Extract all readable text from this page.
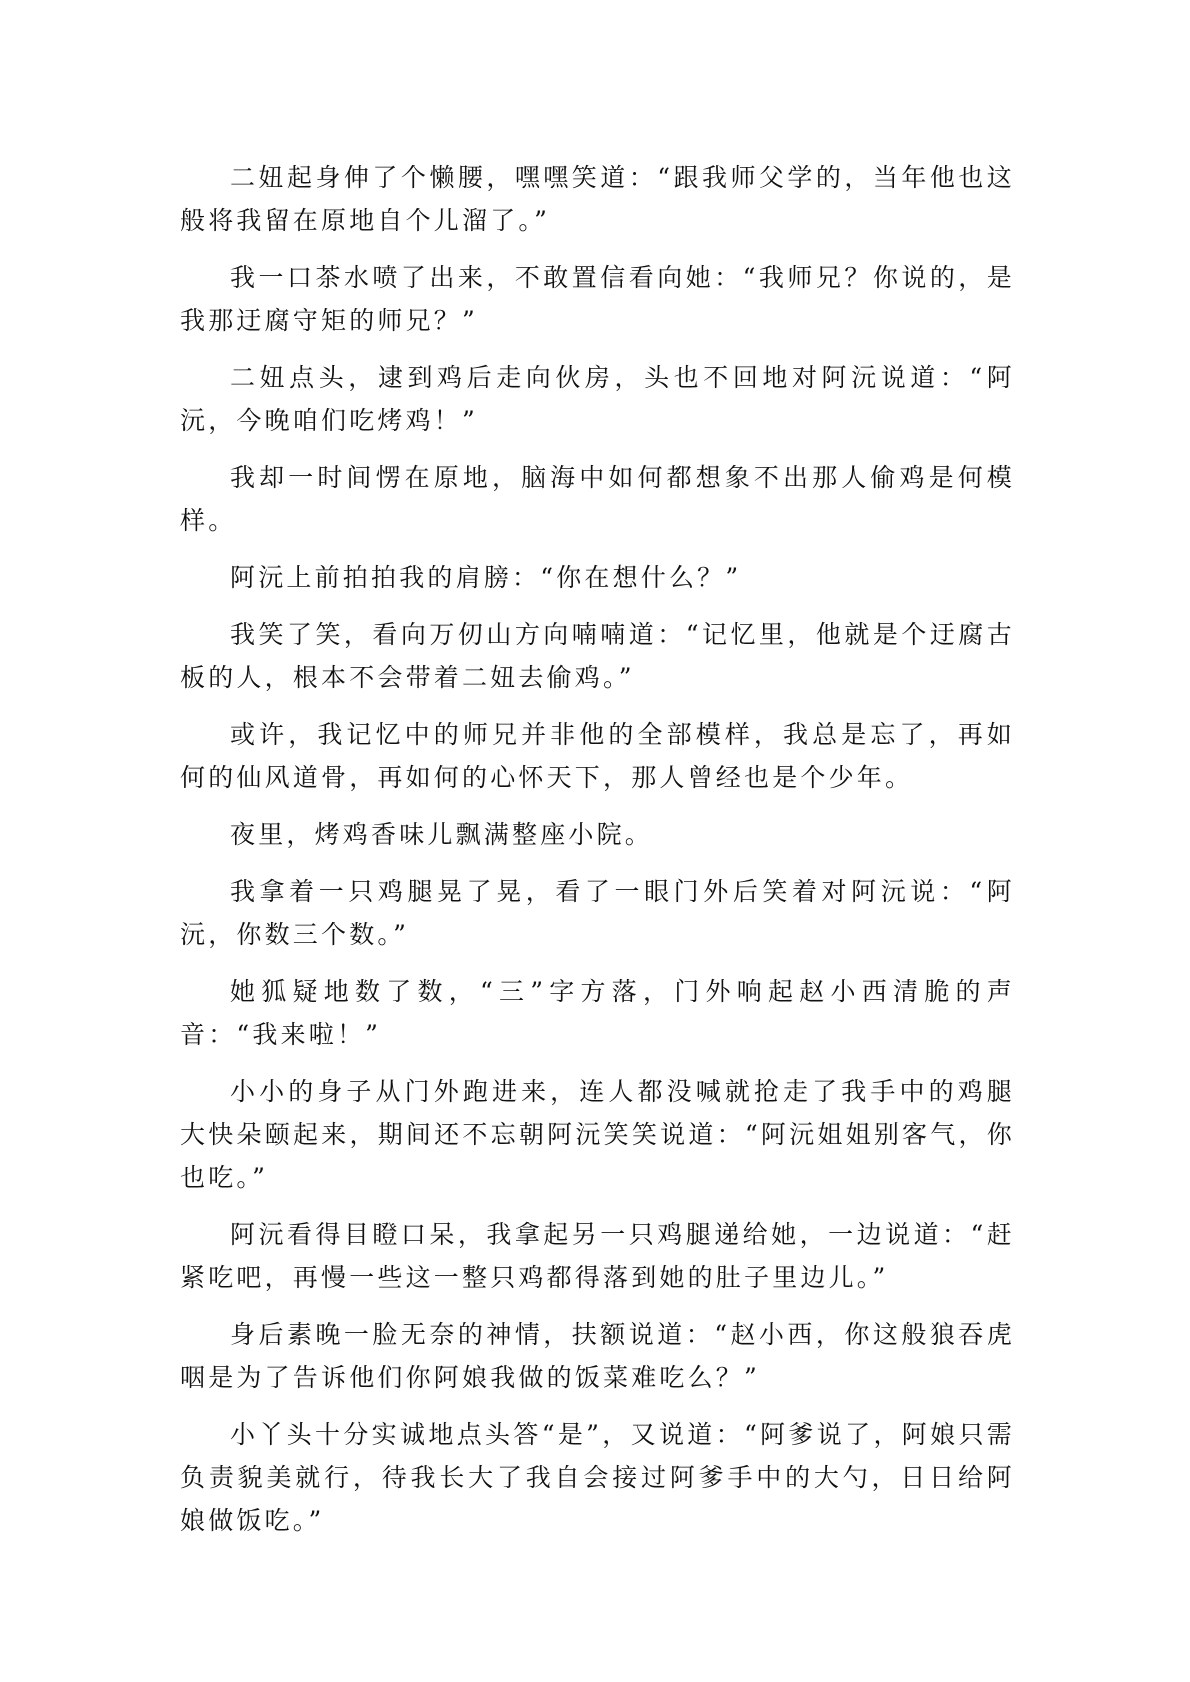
二妞起身伸了个懒腰，嘿嘿笑道：“跟我师父学的，当年他也这般将我留在原地自个儿溜了。”

我一口茶水喷了出来，不敢置信看向她：“我师兄？你说的，是我那迂腐守矩的师兄？”

二妞点头，逮到鸡后走向伙房，头也不回地对阿沅说道：“阿沅，今晚咱们吃烤鸡！”

我却一时间愣在原地，脑海中如何都想象不出那人偷鸡是何模样。

阿沅上前拍拍我的肩膀：“你在想什么？”

我笑了笑，看向万仞山方向喃喃道：“记忆里，他就是个迂腐古板的人，根本不会带着二妞去偷鸡。”

或许，我记忆中的师兄并非他的全部模样，我总是忘了，再如何的仙风道骨，再如何的心怀天下，那人曾经也是个少年。

夜里，烤鸡香味儿飘满整座小院。

我拿着一只鸡腿晃了晃，看了一眼门外后笑着对阿沅说：“阿沅，你数三个数。”

她狐疑地数了数，“三”字方落，门外响起赵小西清脆的声音：“我来啦！”

小小的身子从门外跑进来，连人都没喊就抢走了我手中的鸡腿大快朵颐起来，期间还不忘朝阿沅笑笑说道：“阿沅姐姐别客气，你也吃。”

阿沅看得目瞪口呆，我拿起另一只鸡腿递给她，一边说道：“赶紧吃吧，再慢一些这一整只鸡都得落到她的肚子里边儿。”

身后素晚一脸无奈的神情，扶额说道：“赵小西，你这般狼吞虎咽是为了告诉他们你阿娘我做的饭菜难吃么？”

小丫头十分实诚地点头答“是”，又说道：“阿爹说了，阿娘只需负责貌美就行，待我长大了我自会接过阿爹手中的大勺，日日给阿娘做饭吃。”
